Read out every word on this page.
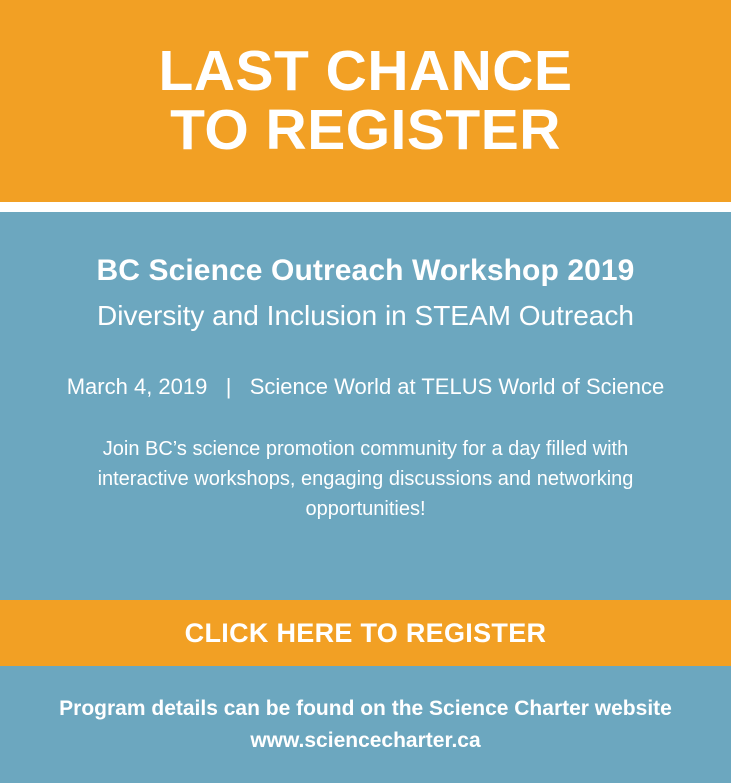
LAST CHANCE
TO REGISTER
BC Science Outreach Workshop 2019
Diversity and Inclusion in STEAM Outreach
March 4, 2019   |   Science World at TELUS World of Science
Join BC’s science promotion community for a day filled with interactive workshops, engaging discussions and networking opportunities!
CLICK HERE TO REGISTER
Program details can be found on the Science Charter website
www.sciencecharter.ca
